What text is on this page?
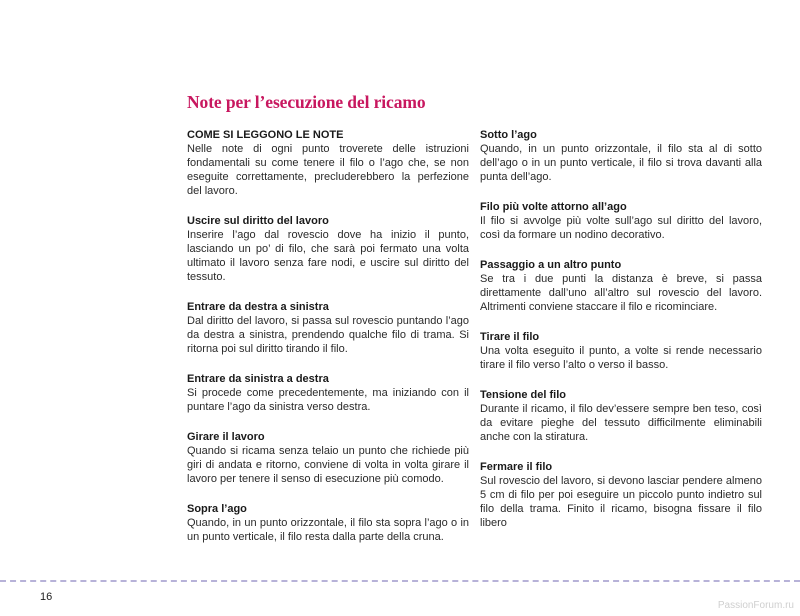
Note per l’esecuzione del ricamo
COME SI LEGGONO LE NOTE

Nelle note di ogni punto troverete delle istruzioni fondamentali su come tenere il filo o l’ago che, se non eseguite correttamente, precluderebbero la perfezione del lavoro.

Uscire sul diritto del lavoro

Inserire l’ago dal rovescio dove ha inizio il punto, lasciando un po’ di filo, che sarà poi fermato una volta ultimato il lavoro senza fare nodi, e uscire sul diritto del tessuto.

Entrare da destra a sinistra

Dal diritto del lavoro, si passa sul rovescio puntando l’ago da destra a sinistra, prendendo qualche filo di trama. Si ritorna poi sul diritto tirando il filo.

Entrare da sinistra a destra

Si procede come precedentemente, ma iniziando con il puntare l’ago da sinistra verso destra.

Girare il lavoro

Quando si ricama senza telaio un punto che richiede più giri di andata e ritorno, conviene di volta in volta girare il lavoro per tenere il senso di esecuzione più comodo.

Sopra l’ago

Quando, in un punto orizzontale, il filo sta sopra l’ago o in un punto verticale, il filo resta dalla parte della cruna.

Sotto l’ago

Quando, in un punto orizzontale, il filo sta al di sotto dell’ago o in un punto verticale, il filo si trova davanti alla punta dell’ago.

Filo più volte attorno all’ago

Il filo si avvolge più volte sull’ago sul diritto del lavoro, così da formare un nodino decorativo.

Passaggio a un altro punto

Se tra i due punti la distanza è breve, si passa direttamente dall’uno all’altro sul rovescio del lavoro. Altrimenti conviene staccare il filo e ricominciare.

Tirare il filo

Una volta eseguito il punto, a volte si rende necessario tirare il filo verso l’alto o verso il basso.

Tensione del filo

Durante il ricamo, il filo dev’essere sempre ben teso, così da evitare pieghe del tessuto difficilmente eliminabili anche con la stiratura.

Fermare il filo

Sul rovescio del lavoro, si devono lasciar pendere almeno 5 cm di filo per poi eseguire un piccolo punto indietro sul filo della trama. Finito il ricamo, bisogna fissare il filo libero

16
PassionForum.ru
